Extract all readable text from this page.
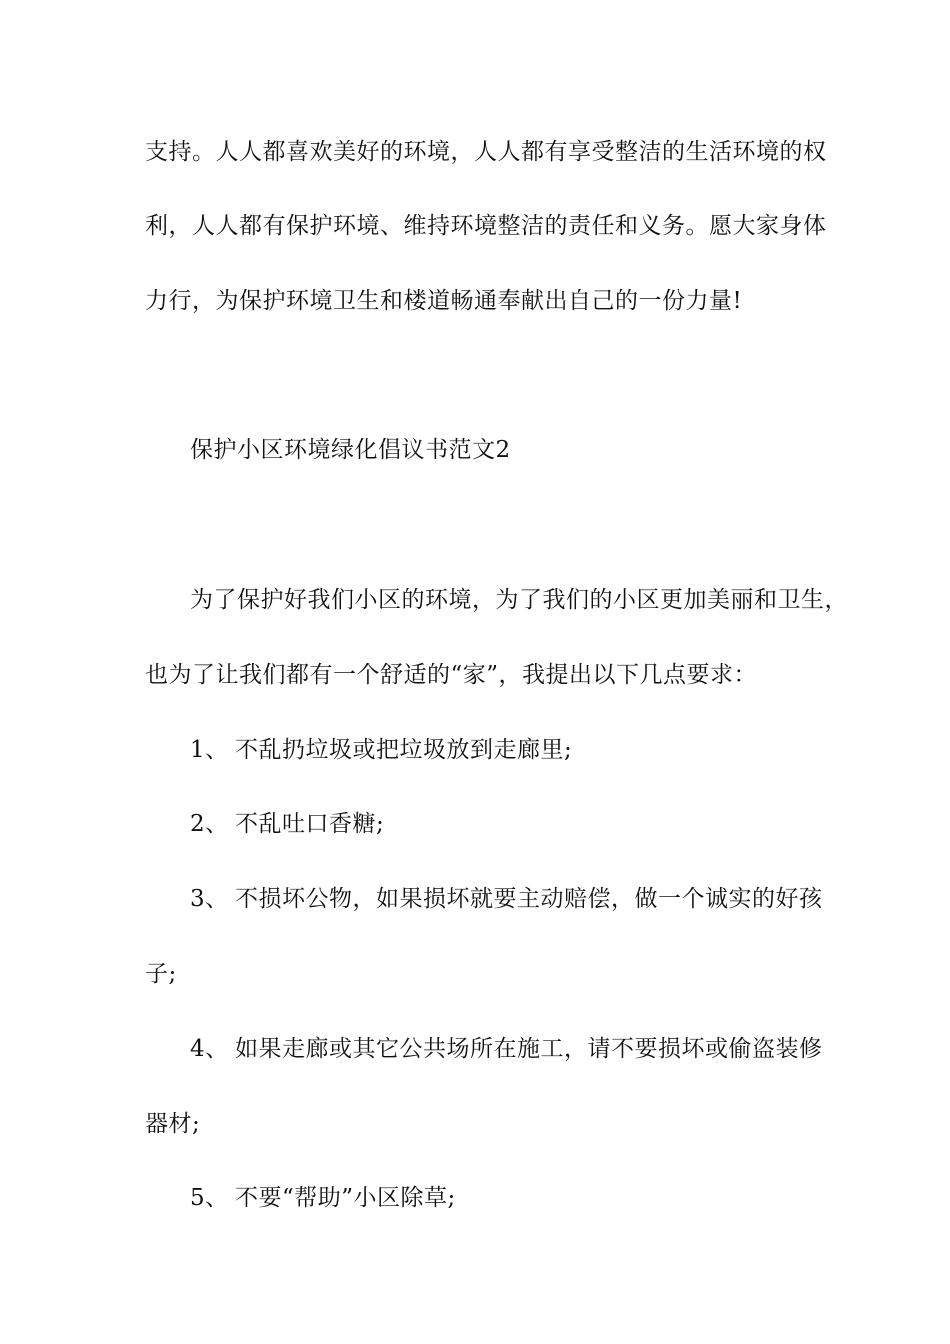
支持。人人都喜欢美好的环境，人人都有享受整洁的生活环境的权
利，人人都有保护环境、维持环境整洁的责任和义务。愿大家身体
力行，为保护环境卫生和楼道畅通奉献出自己的一份力量!
保护小区环境绿化倡议书范文2
为了保护好我们小区的环境，为了我们的小区更加美丽和卫生，
也为了让我们都有一个舒适的“家”，我提出以下几点要求：
1、 不乱扔垃圾或把垃圾放到走廊里;
2、 不乱吐口香糖;
3、 不损坏公物，如果损坏就要主动赔偿，做一个诚实的好孩
子;
4、 如果走廊或其它公共场所在施工，请不要损坏或偷盗装修
器材;
5、 不要“帮助”小区除草;
